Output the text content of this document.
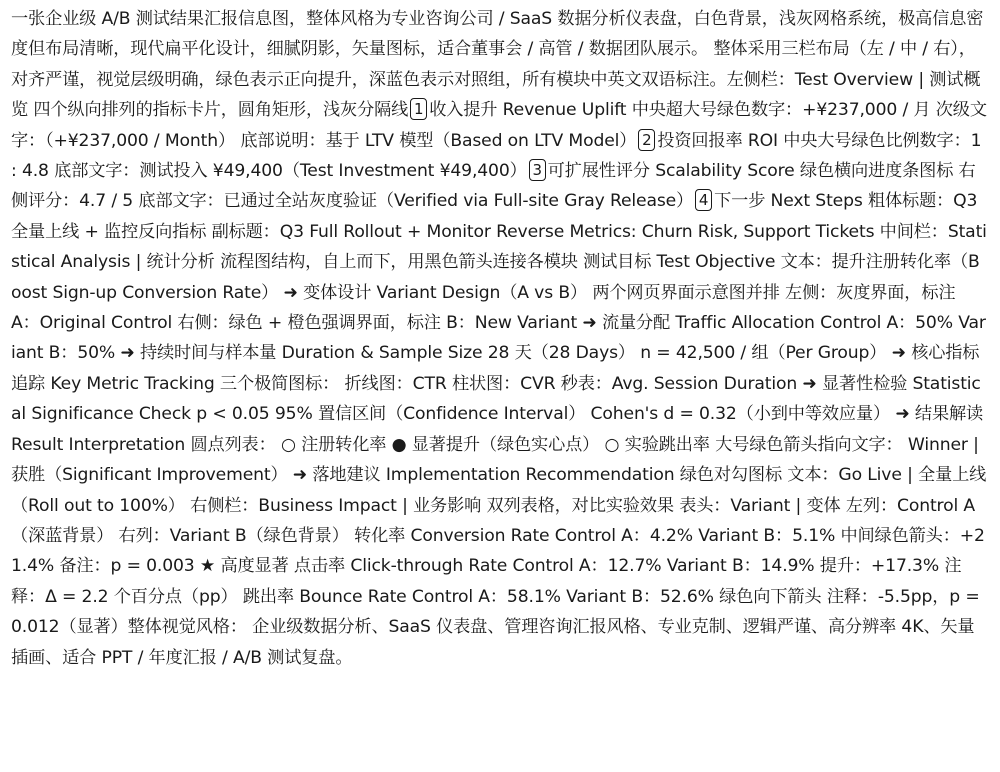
一张企业级 A/B 测试结果汇报信息图，整体风格为专业咨询公司 / SaaS 数据分析仪表盘，白色背景，浅灰网格系统，极高信息密度但布局清晰，现代扁平化设计，细腻阴影，矢量图标，适合董事会 / 高管 / 数据团队展示。 整体采用三栏布局（左 / 中 / 右），对齐严谨，视觉层级明确，绿色表示正向提升，深蓝色表示对照组，所有模块中英文双语标注。左侧栏：Test Overview | 测试概览 四个纵向排列的指标卡片，圆角矩形，浅灰分隔线 1 收入提升 Revenue Uplift 中央超大号绿色数字：+¥237,000 / 月 次级文字：（+¥237,000 / Month） 底部说明：基于 LTV 模型（Based on LTV Model） 2 投资回报率 ROI 中央大号绿色比例数字：1 : 4.8 底部文字：测试投入 ¥49,400（Test Investment ¥49,400） 3 可扩展性评分 Scalability Score 绿色横向进度条图标 右侧评分：4.7 / 5 底部文字：已通过全站灰度验证（Verified via Full-site Gray Release） 4 下一步 Next Steps 粗体标题：Q3 全量上线 + 监控反向指标 副标题：Q3 Full Rollout + Monitor Reverse Metrics: Churn Risk, Support Tickets 中间栏：Statistical Analysis | 统计分析 流程图结构，自上而下，用黑色箭头连接各模块 测试目标 Test Objective 文本：提升注册转化率（Boost Sign-up Conversion Rate） ➜ 变体设计 Variant Design（A vs B） 两个网页界面示意图并排 左侧：灰度界面，标注 A：Original Control 右侧：绿色 + 橙色强调界面，标注 B：New Variant ➜ 流量分配 Traffic Allocation Control A：50% Variant B：50% ➜ 持续时间与样本量 Duration & Sample Size 28 天（28 Days） n = 42,500 / 组（Per Group） ➜ 核心指标追踪 Key Metric Tracking 三个极简图标： 折线图：CTR 柱状图：CVR 秒表：Avg. Session Duration ➜ 显著性检验 Statistical Significance Check p < 0.05 95% 置信区间（Confidence Interval） Cohen's d = 0.32（小到中等效应量） ➜ 结果解读 Result Interpretation 圆点列表： ○ 注册转化率 ● 显著提升（绿色实心点） ○ 实验跳出率 大号绿色箭头指向文字： Winner | 获胜（Significant Improvement） ➜ 落地建议 Implementation Recommendation 绿色对勾图标 文本：Go Live | 全量上线（Roll out to 100%） 右侧栏：Business Impact | 业务影响 双列表格，对比实验效果 表头：Variant | 变体 左列：Control A（深蓝背景） 右列：Variant B（绿色背景） 转化率 Conversion Rate Control A：4.2% Variant B：5.1% 中间绿色箭头：+21.4% 备注：p = 0.003 ★ 高度显著 点击率 Click-through Rate Control A：12.7% Variant B：14.9% 提升：+17.3% 注释：Δ = 2.2 个百分点（pp） 跳出率 Bounce Rate Control A：58.1% Variant B：52.6% 绿色向下箭头 注释：-5.5pp，p = 0.012（显著）整体视觉风格： 企业级数据分析、SaaS 仪表盘、管理咨询汇报风格、专业克制、逻辑严谨、高分辨率 4K、矢量插画、适合 PPT / 年度汇报 / A/B 测试复盘。
